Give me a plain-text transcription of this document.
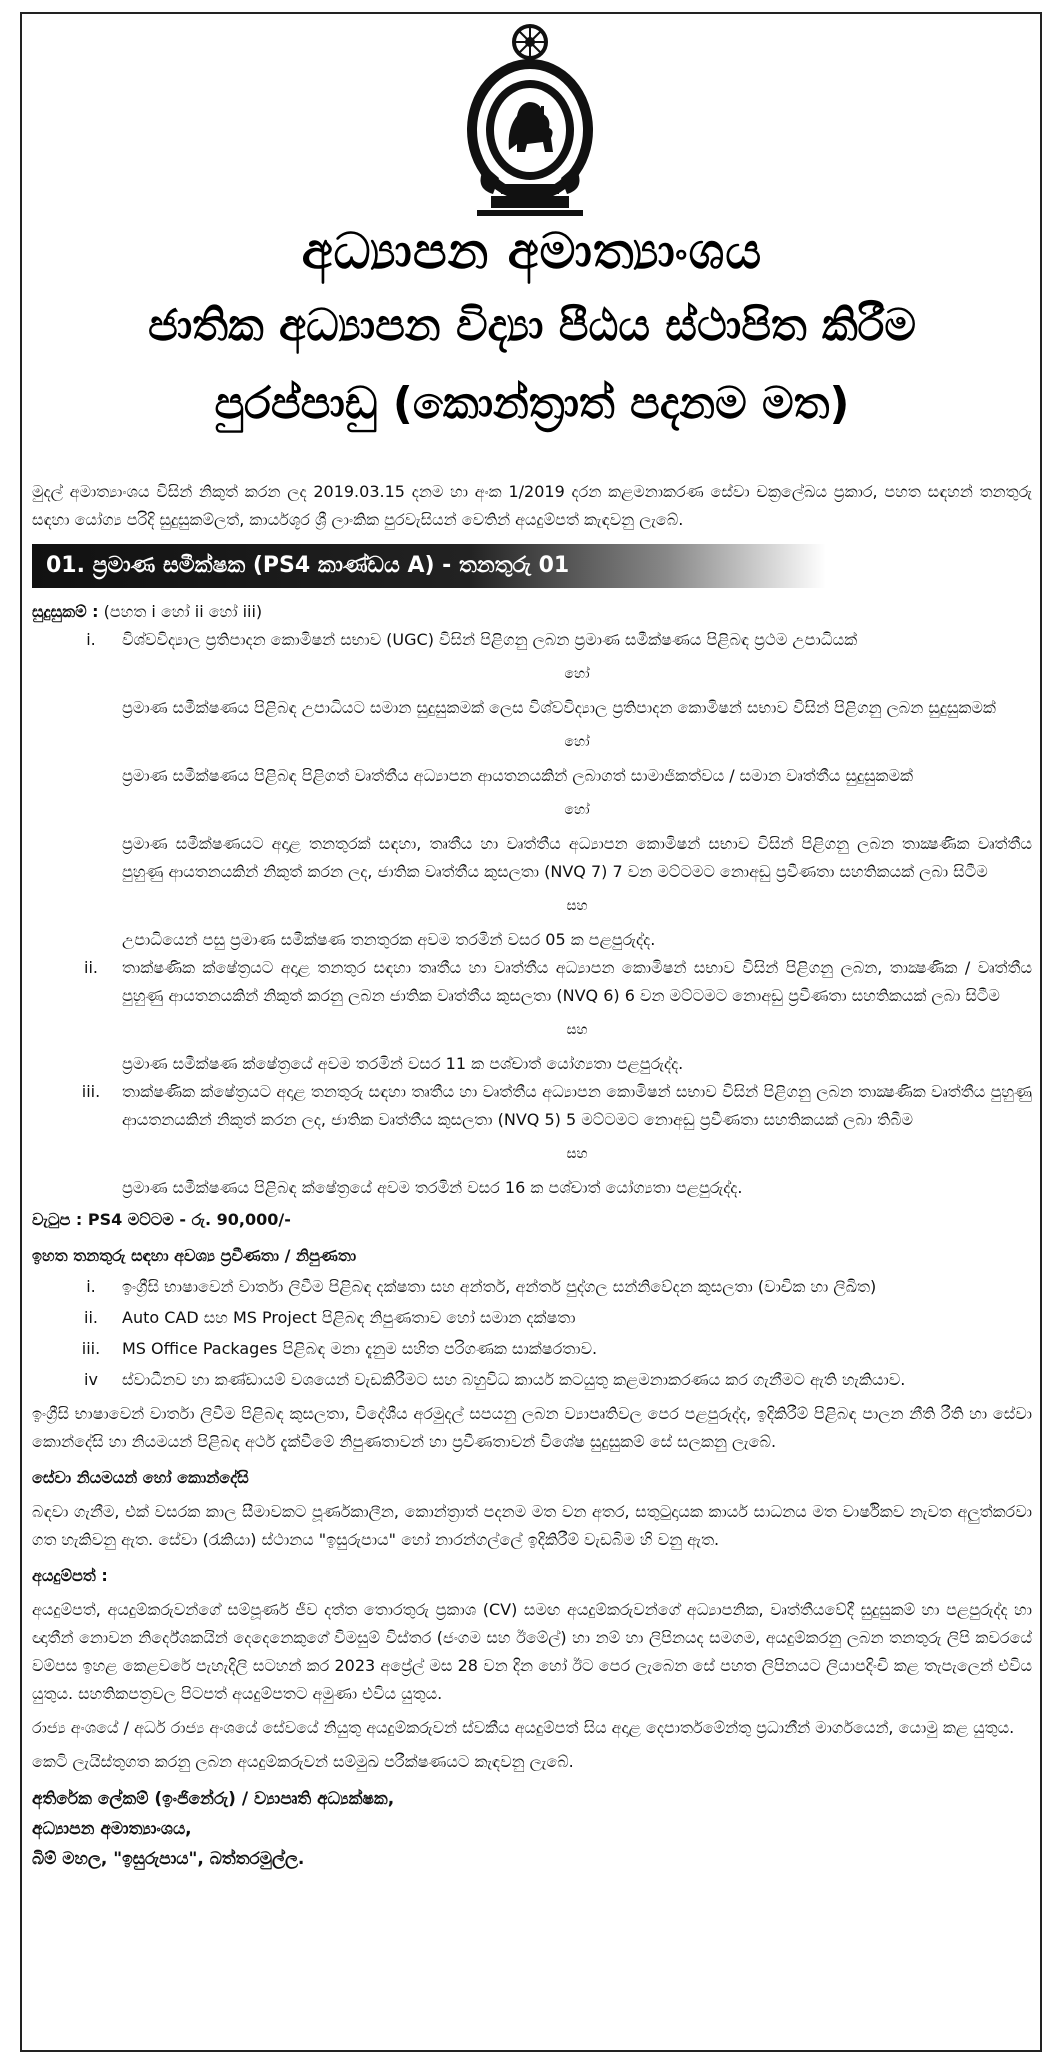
අධ්‍යාපන අමාත්‍යාංශය
ජාතික අධ්‍යාපන විද්‍යා පීඨය ස්ථාපිත කිරීම
පුරප්පාඩු (කොන්ත්‍රාත් පදනම මත)

මුදල් අමාත්‍යාංශය විසින් නිකුත් කරන ලද 2019.03.15 දනම හා අංක 1/2019 දරන කළමනාකරණ සේවා චක්‍රලේඛය ප්‍රකාර, පහත සඳහන් තනතුරු සඳහා යෝග්‍ය පරිදි සුදුසුකම්ලත්, කාර්යශූර ශ්‍රී ලාංකික පුරවැසියන් වෙතින් අයදුම්පත් කැඳවනු ලැබේ.

01. ප්‍රමාණ සමීක්ෂක (PS4 කාණ්ඩය A) - තනතුරු 01
සුදුසුකම් : (පහත i හෝ ii හෝ iii)
i.	විශ්වවිද්‍යාල ප්‍රතිපාදන කොමිෂන් සභාව (UGC) විසින් පිළිගනු ලබන ප්‍රමාණ සමීක්ෂණය පිළිබඳ ප්‍රථම උපාධියක්
හෝ
ප්‍රමාණ සමීක්ෂණය පිළිබඳ උපාධියට සමාන සුදුසුකමක් ලෙස විශ්වවිද්‍යාල ප්‍රතිපාදන කොමිෂන් සභාව විසින් පිළිගනු ලබන සුදුසුකමක්
හෝ
ප්‍රමාණ සමීක්ෂණය පිළිබඳ පිළිගත් වෘත්තීය අධ්‍යාපන ආයතනයකින් ලබාගත් සාමාජිකත්වය / සමාන වෘත්තීය සුදුසුකමක්
හෝ
ප්‍රමාණ සමීක්ෂණයට අදාළ තනතුරක් සඳහා, තෘතීය හා වෘත්තීය අධ්‍යාපන කොමිෂන් සභාව විසින් පිළිගනු ලබන තාක්‍ෂණික වෘත්තීය පුහුණු ආයතනයකින් නිකුත් කරන ලද, ජාතික වෘත්තීය කුසලතා (NVQ 7) 7 වන මට්ටමට නොඅඩු ප්‍රවීණතා සහතිකයක් ලබා සිටීම
සහ
උපාධියෙන් පසු ප්‍රමාණ සමීක්ෂණ තනතුරක අවම තරමින් වසර 05 ක පළපුරුද්ද.
ii.	තාක්ෂණික ක්ෂේත්‍රයට අදාළ තනතුර සඳහා තෘතීය හා වෘත්තීය අධ්‍යාපන කොමිෂන් සභාව විසින් පිළිගනු ලබන, තාක්‍ෂණික / වෘත්තීය පුහුණු ආයතනයකින් නිකුත් කරනු ලබන ජාතික වෘත්තීය කුසලතා (NVQ 6) 6 වන මට්ටමට නොඅඩු ප්‍රවීණතා සහතිකයක් ලබා සිටීම
සහ
ප්‍රමාණ සමීක්ෂණ ක්ෂේත්‍රයේ අවම තරමින් වසර 11 ක පශ්චාත් යෝග්‍යතා පළපුරුද්ද.
iii.	තාක්ෂණික ක්ෂේත්‍රයට අදාළ තනතුරු සඳහා තෘතීය හා වෘත්තීය අධ්‍යාපන කොමිෂන් සභාව විසින් පිළිගනු ලබන තාක්‍ෂණික වෘත්තීය පුහුණු ආයතනයකින් නිකුත් කරන ලද, ජාතික වෘත්තීය කුසලතා (NVQ 5) 5 මට්ටමට නොඅඩු ප්‍රවීණතා සහතිකයක් ලබා තිබීම
සහ
ප්‍රමාණ සමීක්ෂණය පිළිබඳ ක්ෂේත්‍රයේ අවම තරමින් වසර 16 ක පශ්චාත් යෝග්‍යතා පළපුරුද්ද.
වැටුප : PS4 මට්ටම - රු. 90,000/-
ඉහත තනතුරු සඳහා අවශ්‍ය ප්‍රවීණතා / නිපුණතා
i.	ඉංග්‍රීසි භාෂාවෙන් වාර්තා ලිවීම පිළිබඳ දක්ෂතා සහ අන්තර්, අන්තර් පුද්ගල සන්නිවේදන කුසලතා (වාචික හා ලිඛිත)
ii.	Auto CAD සහ MS Project පිළිබඳ නිපුණතාව හෝ සමාන දක්ෂතා
iii.	MS Office Packages පිළිබඳ මනා දැනුම සහිත පරිගණක සාක්ෂරතාව.
iv	ස්වාධීනව හා කණ්ඩායම් වශයෙන් වැඩකිරීමට සහ බහුවිධ කාර්ය කටයුතු කළමනාකරණය කර ගැනීමට ඇති හැකියාව.

ඉංග්‍රීසි භාෂාවෙන් වාර්තා ලිවීම පිළිබඳ කුසලතා, විදේශීය අරමුදල් සපයනු ලබන ව්‍යාපෘතිවල පෙර පළපුරුද්ද, ඉදිකිරීම් පිළිබඳ පාලන නීති රීති හා සේවා කොන්දේසි හා නියමයන් පිළිබඳ අර්ථ දැක්වීමේ නිපුණතාවන් හා ප්‍රවීණතාවන් විශේෂ සුදුසුකම් සේ සලකනු ලැබේ.

සේවා නියමයන් හෝ කොන්දේසි

බඳවා ගැනීම, එක් වසරක කාල සීමාවකට පූර්ණකාලීන, කොන්ත්‍රාත් පදනම මත වන අතර, සතුටුදායක කාර්ය සාධනය මත වාර්ෂිකව නැවත අලුත්කරවා ගත හැකිවනු ඇත. සේවා (රැකියා) ස්ථානය "ඉසුරුපාය" හෝ නාරන්ගල්ලේ ඉදිකිරීම් වැඩබිම හි වනු ඇත.

අයදුම්පත් :

අයදුම්පත්, අයදුම්කරුවන්ගේ සම්පූර්ණ ජීව දත්ත තොරතුරු ප්‍රකාශ (CV) සමඟ අයදුම්කරුවන්ගේ අධ්‍යාපනික, වෘත්තීයවේදී සුදුසුකම් හා පළපුරුද්ද හා ඥාතීන් නොවන නිර්දේශකයින් දෙදෙනෙකුගේ විමසුම් විස්තර (ජංගම සහ ඊමේල්) හා නම් හා ලිපිනයද සමගම, අයදුම්කරනු ලබන තනතුරු ලිපි කවරයේ වම්පස ඉහළ කෙළවරේ පැහැදිලි සටහන් කර 2023 අප්‍රේල් මස 28 වන දින හෝ ඊට පෙර ලැබෙන සේ පහත ලිපිනයට ලියාපදිංචි කළ තැපැලෙන් එවිය යුතුය. සහතිකපත්‍රවල පිටපත් අයදුම්පතට අමුණා එවිය යුතුය.

රාජ්‍ය අංශයේ / අර්ධ රාජ්‍ය අංශයේ සේවයේ නියුතු අයදුම්කරුවන් ස්වකීය අයදුම්පත් සිය අදාළ දෙපාර්තමේන්තු ප්‍රධානීන් මාර්ගයෙන්, යොමු කළ යුතුය.

කෙටි ලැයිස්තුගත කරනු ලබන අයදුම්කරුවන් සම්මුඛ පරීක්ෂණයට කැඳවනු ලැබේ.

අතිරේක ලේකම් (ඉංජිනේරු) / ව්‍යාපෘති අධ්‍යක්ෂක,
අධ්‍යාපන අමාත්‍යාංශය,
බිම් මහල, "ඉසුරුපාය", බත්තරමුල්ල.
